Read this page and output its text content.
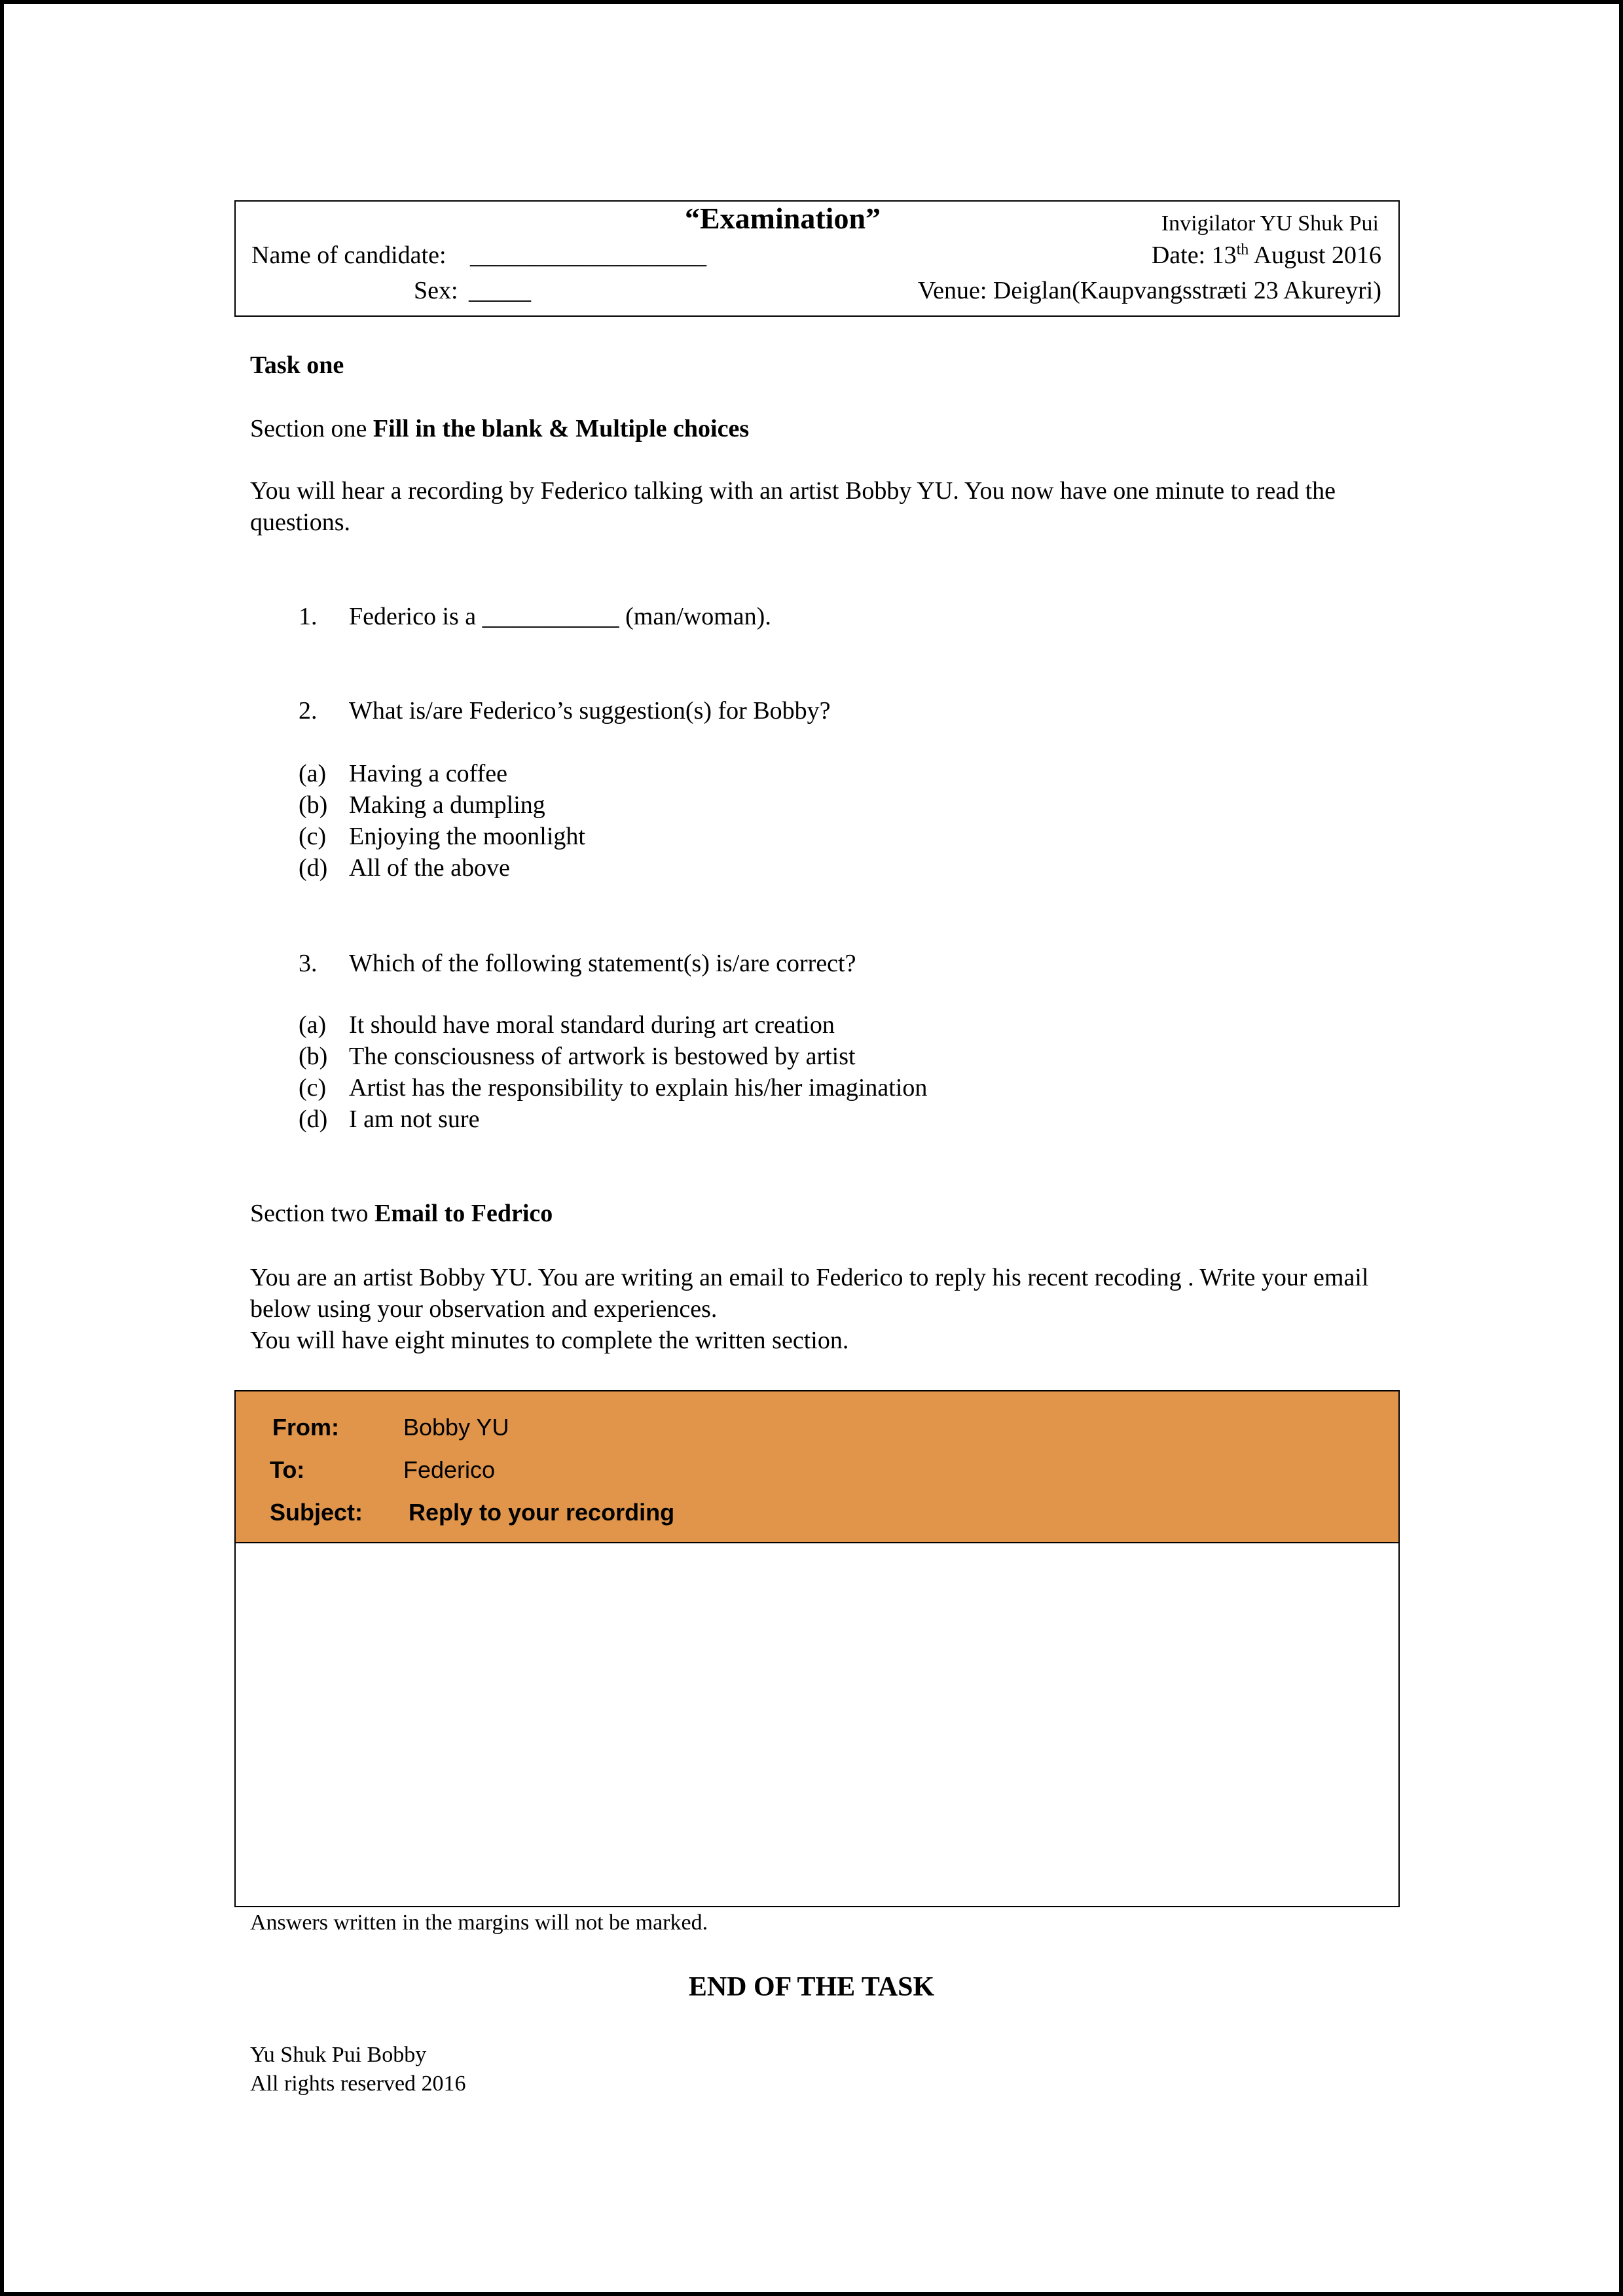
“Examination”	Invigilator YU Shuk Pui
Name of candidate: ___________________	Date: 13th August 2016
Sex: _____	Venue: Deiglan(Kaupvangsstræti 23 Akureyri)
Task one
Section one Fill in the blank & Multiple choices
You will hear a recording by Federico talking with an artist Bobby YU. You now have one minute to read the questions.
1. Federico is a ___________ (man/woman).
2. What is/are Federico’s suggestion(s) for Bobby?
(a) Having a coffee
(b) Making a dumpling
(c) Enjoying the moonlight
(d) All of the above
3. Which of the following statement(s) is/are correct?
(a) It should have moral standard during art creation
(b) The consciousness of artwork is bestowed by artist
(c) Artist has the responsibility to explain his/her imagination
(d) I am not sure
Section two Email to Fedrico
You are an artist Bobby YU. You are writing an email to Federico to reply his recent recoding . Write your email below using your observation and experiences.
You will have eight minutes to complete the written section.
From:	Bobby YU
To:	Federico
Subject: Reply to your recording
Answers written in the margins will not be marked.
END OF THE TASK
Yu Shuk Pui Bobby
All rights reserved 2016
